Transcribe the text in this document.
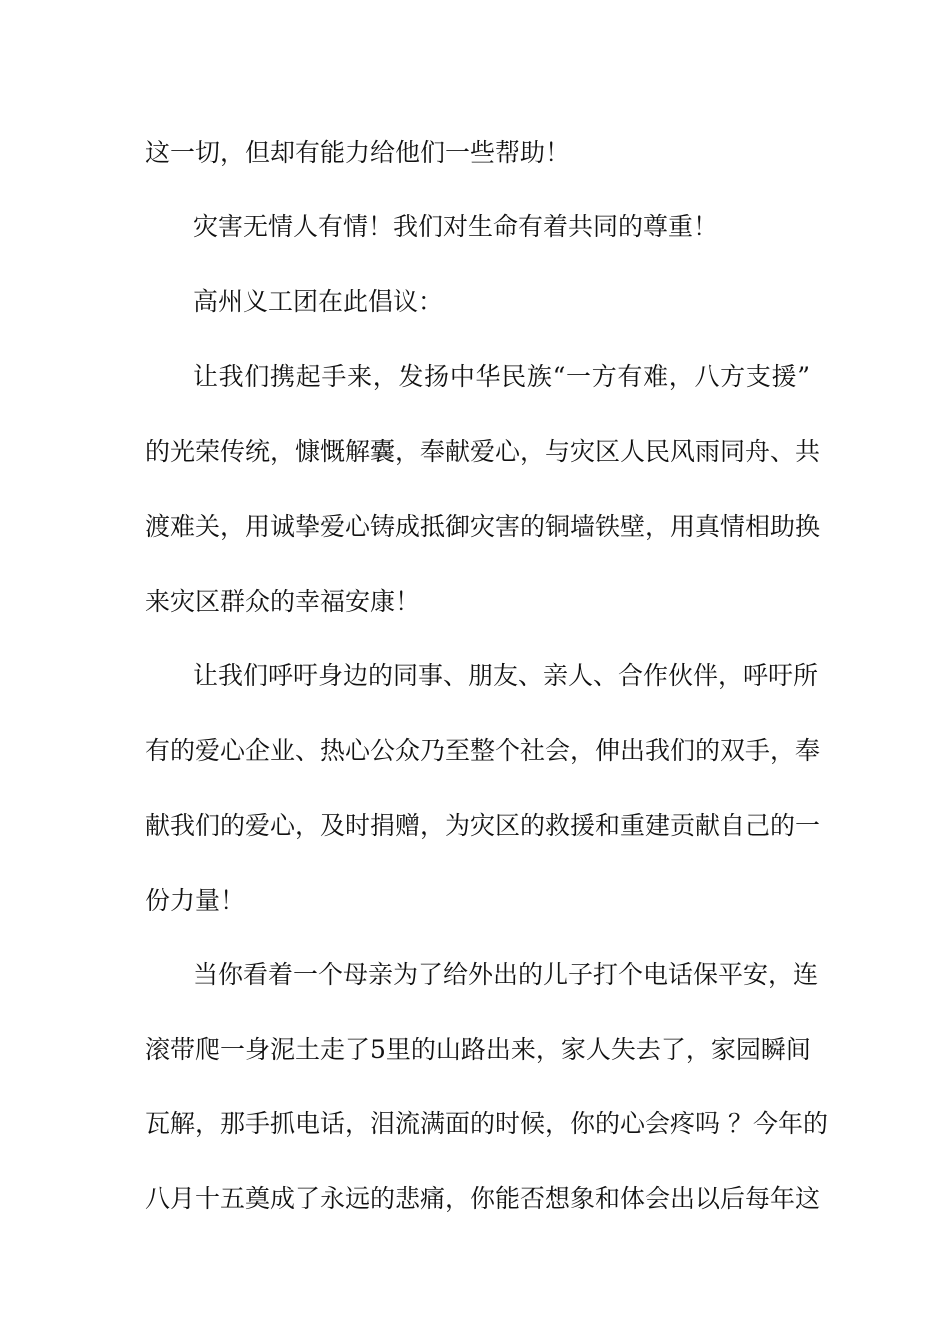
这一切，但却有能力给他们一些帮助！
灾害无情人有情！我们对生命有着共同的尊重！
高州义工团在此倡议：
让我们携起手来，发扬中华民族“一方有难，八方支援”
的光荣传统，慷慨解囊，奉献爱心，与灾区人民风雨同舟、共
渡难关，用诚挚爱心铸成抵御灾害的铜墙铁壁，用真情相助换
来灾区群众的幸福安康！
让我们呼吁身边的同事、朋友、亲人、合作伙伴，呼吁所
有的爱心企业、热心公众乃至整个社会，伸出我们的双手，奉
献我们的爱心，及时捐赠，为灾区的救援和重建贡献自己的一
份力量！
当你看着一个母亲为了给外出的儿子打个电话保平安，连
滚带爬一身泥土走了5里的山路出来，家人失去了，家园瞬间
瓦解，那手抓电话，泪流满面的时候，你的心会疼吗 ？今年的
八月十五奠成了永远的悲痛，你能否想象和体会出以后每年这
